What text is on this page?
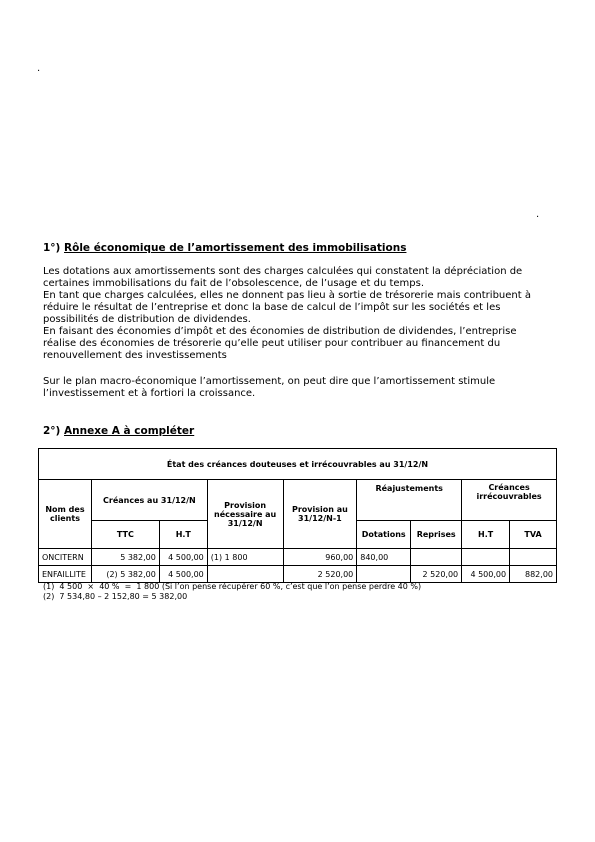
.
.
1°) Rôle économique de l’amortissement des immobilisations

Les dotations aux amortissements sont des charges calculées qui constatent la dépréciation de certaines immobilisations du fait de l’obsolescence, de l’usage et du temps.

En tant que charges calculées, elles ne donnent pas lieu à sortie de trésorerie mais contribuent à réduire le résultat de l’entreprise et donc la base de calcul de l’impôt sur les sociétés et les possibilités de distribution de dividendes.

En faisant des économies d’impôt et des économies de distribution de dividendes, l’entreprise réalise des économies de trésorerie qu’elle peut utiliser pour contribuer au financement du renouvellement des investissements

Sur le plan macro-économique l’amortissement, on peut dire que l’amortissement stimule l’investissement et à fortiori la croissance.

2°) Annexe A à compléter
État des créances douteuses et irrécouvrables au 31/12/N								
Nom des clients	Créances au 31/12/N		Provision nécessaire au 31/12/N	Provision au 31/12/N-1	Réajustements		Créances irrécouvrables	
	TTC	H.T			Dotations	Reprises	H.T	TVA
ONCITERN	5 382,00	4 500,00	(1) 1 800	960,00	840,00			
ENFAILLITE	(2) 5 382,00	4 500,00		2 520,00		2 520,00	4 500,00	882,00
(1)  4 500  ×  40 %  =  1 800 (Si l’on pense récupérer 60 %, c’est que l’on pense perdre 40 %)
(2)  7 534,80 – 2 152,80 = 5 382,00
